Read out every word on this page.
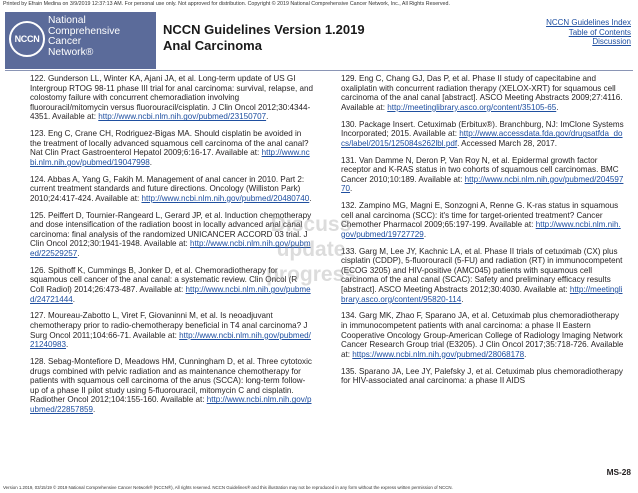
Printed by Efrain Medina on 3/9/2019 12:37:13 AM. For personal use only. Not approved for distribution. Copyright © 2019 National Comprehensive Cancer Network, Inc., All Rights Reserved.
NCCN
National
Comprehensive
Cancer
Network®
NCCN Guidelines Version 1.2019
Anal Carcinoma
NCCN Guidelines Index
Table of Contents
Discussion

122. Gunderson LL, Winter KA, Ajani JA, et al. Long-term update of US GI Intergroup RTOG 98-11 phase III trial for anal carcinoma: survival, relapse, and colostomy failure with concurrent chemoradiation involving fluorouracil/mitomycin versus fluorouracil/cisplatin. J Clin Oncol 2012;30:4344-4351. Available at: http://www.ncbi.nlm.nih.gov/pubmed/23150707.

123. Eng C, Crane CH, Rodriguez-Bigas MA. Should cisplatin be avoided in the treatment of locally advanced squamous cell carcinoma of the anal canal? Nat Clin Pract Gastroenterol Hepatol 2009;6:16-17. Available at: http://www.ncbi.nlm.nih.gov/pubmed/19047998.

124. Abbas A, Yang G, Fakih M. Management of anal cancer in 2010. Part 2: current treatment standards and future directions. Oncology (Williston Park) 2010;24:417-424. Available at: http://www.ncbi.nlm.nih.gov/pubmed/20480740.

125. Peiffert D, Tournier-Rangeard L, Gerard JP, et al. Induction chemotherapy and dose intensification of the radiation boost in locally advanced anal canal carcinoma: final analysis of the randomized UNICANCER ACCORD 03 trial. J Clin Oncol 2012;30:1941-1948. Available at: http://www.ncbi.nlm.nih.gov/pubmed/22529257.

126. Spithoff K, Cummings B, Jonker D, et al. Chemoradiotherapy for squamous cell cancer of the anal canal: a systematic review. Clin Oncol (R Coll Radiol) 2014;26:473-487. Available at: http://www.ncbi.nlm.nih.gov/pubmed/24721444.

127. Moureau-Zabotto L, Viret F, Giovaninni M, et al. Is neoadjuvant chemotherapy prior to radio-chemotherapy beneficial in T4 anal carcinoma? J Surg Oncol 2011;104:66-71. Available at: http://www.ncbi.nlm.nih.gov/pubmed/21240983.

128. Sebag-Montefiore D, Meadows HM, Cunningham D, et al. Three cytotoxic drugs combined with pelvic radiation and as maintenance chemotherapy for patients with squamous cell carcinoma of the anus (SCCA): long-term follow-up of a phase II pilot study using 5-fluorouracil, mitomycin C and cisplatin. Radiother Oncol 2012;104:155-160. Available at: http://www.ncbi.nlm.nih.gov/pubmed/22857859.

129. Eng C, Chang GJ, Das P, et al. Phase II study of capecitabine and oxaliplatin with concurrent radiation therapy (XELOX-XRT) for squamous cell carcinoma of the anal canal [abstract]. ASCO Meeting Abstracts 2009;27:4116. Available at: http://meetinglibrary.asco.org/content/35105-65.

130. Package Insert. Cetuximab (Erbitux®). Branchburg, NJ: ImClone Systems Incorporated; 2015. Available at: http://www.accessdata.fda.gov/drugsatfda_docs/label/2015/125084s262lbl.pdf. Accessed March 28, 2017.

131. Van Damme N, Deron P, Van Roy N, et al. Epidermal growth factor receptor and K-RAS status in two cohorts of squamous cell carcinomas. BMC Cancer 2010;10:189. Available at: http://www.ncbi.nlm.nih.gov/pubmed/20459770.

132. Zampino MG, Magni E, Sonzogni A, Renne G. K-ras status in squamous cell anal carcinoma (SCC): it's time for target-oriented treatment? Cancer Chemother Pharmacol 2009;65:197-199. Available at: http://www.ncbi.nlm.nih.gov/pubmed/19727729.

133. Garg M, Lee JY, Kachnic LA, et al. Phase II trials of cetuximab (CX) plus cisplatin (CDDP), 5-fluorouracil (5-FU) and radiation (RT) in immunocompetent (ECOG 3205) and HIV-positive (AMC045) patients with squamous cell carcinoma of the anal canal (SCAC): Safety and preliminary efficacy results [abstract]. ASCO Meeting Abstracts 2012;30:4030. Available at: http://meetinglibrary.asco.org/content/95820-114.

134. Garg MK, Zhao F, Sparano JA, et al. Cetuximab plus chemoradiotherapy in immunocompetent patients with anal carcinoma: a phase II Eastern Cooperative Oncology Group-American College of Radiology Imaging Network Cancer Research Group trial (E3205). J Clin Oncol 2017;35:718-726. Available at: https://www.ncbi.nlm.nih.gov/pubmed/28068178.

135. Sparano JA, Lee JY, Palefsky J, et al. Cetuximab plus chemoradiotherapy for HIV-associated anal carcinoma: a phase II AIDS

Discuss
update
progress
MS-28
Version 1.2019, 03/15/19 © 2019 National Comprehensive Cancer Network® (NCCN®), All rights reserved. NCCN Guidelines® and this illustration may not be reproduced in any form without the express written permission of NCCN.
